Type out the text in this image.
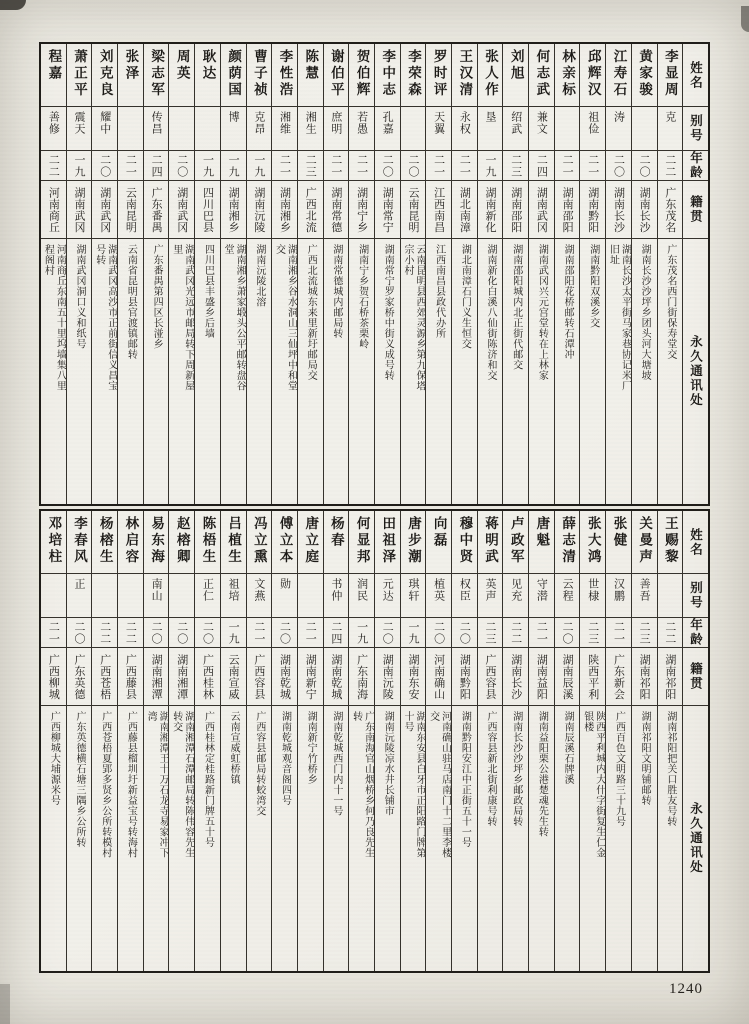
程嘉
善修
二二
河南商丘
河南商丘东南五十里坞墙集八里程阁村
萧正平
震天
一九
湖南武冈
湖南武冈洞口义和纸号
刘克良
耀中
二〇
湖南武冈
湖南武冈高沙市正前街信义昌宝号转
张泽
二一
云南昆明
云南省昆明县官渡镇邮转
梁志军
传昌
二四
广东番禺
广东番禺第四区长湴乡
周英
二〇
湖南武冈
湖南武冈光远市邮局转下周新屋里
耿达
一九
四川巴县
四川巴县丰盛乡后墙
颜荫国
博
一九
湖南湘乡
湖南湘乡萧家塅头公平邮转盘谷堂
曹子祯
克昂
一九
湖南沅陵
湖南沅陵北溶
李性浩
湘维
二一
湖南湘乡
湖南湘乡谷水洞山三仙坪中和堂交
陈慧
湘生
二三
广西北流
广西北流城东来里新圩邮局交
谢伯平
庶明
二一
湖南常德
湖南常德城内邮局转
贺伯辉
若愚
二一
湖南宁乡
湖南宁乡贺石桥茶栗岭
李中志
孔嘉
二〇
湖南常宁
湖南常宁罗家桥中街义成号转
李荣森
二〇
云南昆明
云南昆明县西郊灵源乡第九保塔宗小村
罗时评
天翼
二一
江西南昌
江西南昌县政代办所
王汉清
永权
二一
湖北南漳
湖北南漳石门义生恒交
张人作
垦
一九
湖南新化
湖南新化白溪八仙街陈济和交
刘旭
绍武
二三
湖南邵阳
湖南邵阳城内北正街代邮交
何志武
兼文
二四
湖南武冈
湖南武冈兴元宫堂转在上林家
林亲标
二一
湖南邵阳
湖南邵阳花桥邮转石潭冲
邱辉汉
祖俭
二一
湖南黔阳
湖南黔阳双溪乡交
江寿石
涛
二〇
湖南长沙
湖南长沙太平街马家巷协记米厂旧址
黄家骏
二〇
湖南长沙
湖南长沙沙坪乡团头河大塘坡
李显周
克
二二
广东茂名
广东茂名西门街保寿堂交
姓名
别号
年龄
籍贯
永久通讯处
邓培柱
二一
广西柳城
广西柳城大埔源米号
李春风
正
二〇
广东英德
广东英德横石塘三隅乡公所转
杨榕生
二二
广西苍梧
广西苍梧夏郢多贤乡公所转模村
林启容
二二
广西藤县
广西藤县榴圳圩新益宝号转海村
易东海
南山
二〇
湖南湘潭
湖南湘潭王十万石龙寺易家冲下湾
赵榕卿
二〇
湖南湘潭
湖南湘潭石潭邮局转陈伟容先生转交
陈梧生
正仁
二〇
广西桂林
广西桂林定桂路新门牌五十号
吕植生
祖培
一九
云南宣威
云南宣威虹桥镇
冯立熏
文燕
二一
广西容县
广西容县邮局转蛟湾交
傅立本
勋
二〇
湖南乾城
湖南乾城观音阁四号
唐立庭
二一
湖南新宁
湖南新宁竹桥乡
杨春
书仲
二四
湖南乾城
湖南乾城西门内十一号
何显邦
润民
一九
广东南海
广东南海官山烟桥乡何乃良先生转
田祖泽
元达
二〇
湖南沅陵
湖南沅陵凉水井长铺市
唐步潮
琪轩
一九
湖南东安
湖南东安县白牙市正阳路门牌第十号
向磊
植英
二〇
河南确山
河南确山驻马店南门十二里李楼交
穆中贤
权臣
二〇
湖南黔阳
湖南黔阳安江中正街五十一号
蒋明武
英声
二三
广西容县
广西容县新北街利康号转
卢政军
见充
二二
湖南长沙
湖南长沙沙坪乡邮政局转
唐魁
守潜
二一
湖南益阳
湖南益阳栗公港楚魂先生转
薛志清
云程
二〇
湖南辰溪
湖南辰溪石牌溪
张大鸿
世棣
二三
陕西平利
陕西平利城内大什字街复生仁金银楼
张健
汉鹏
二一
广东新会
广西百色文明路三十九号
关曼声
善吾
二三
湖南祁阳
湖南祁阳文明铺邮转
王赐黎
二二
湖南祁阳
湖南祁阳把关口胜友号转
姓名
别号
年龄
籍贯
永久通讯处
1240
